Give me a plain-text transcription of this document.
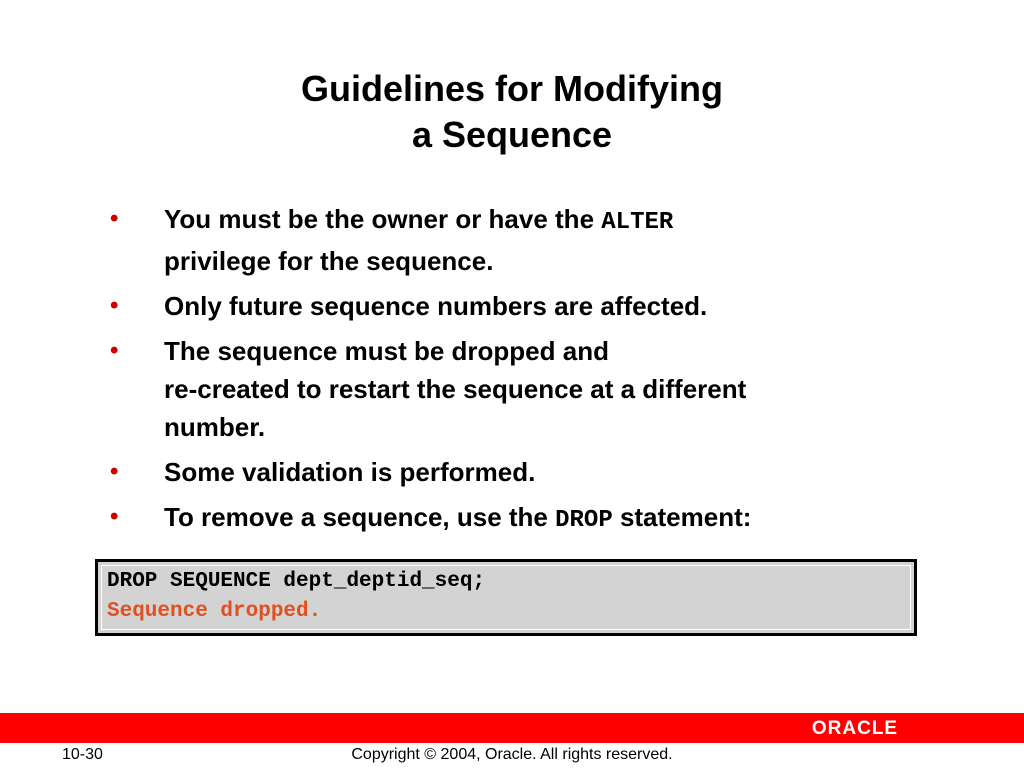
Guidelines for Modifying
a Sequence
• You must be the owner or have the ALTER
privilege for the sequence.
• Only future sequence numbers are affected.
• The sequence must be dropped and
re-created to restart the sequence at a different
number.
• Some validation is performed.
• To remove a sequence, use the DROP statement:
DROP SEQUENCE dept_deptid_seq;
Sequence dropped.
ORACLE
10-30	Copyright © 2004, Oracle. All rights reserved.
